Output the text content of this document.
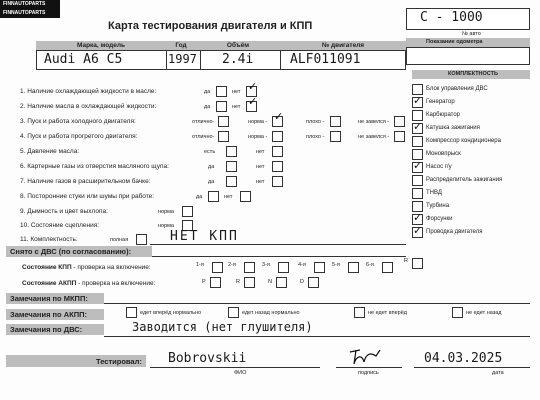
FINNAUTOPARTS
FINNAUTOPARTS
Карта тестирования двигателя и КПП
C - 1000
№ авто
Показание одометра
Марка, модель	Год	Объём	№ двигателя
Audi A6 C5	1997 2.4i	ALF011091
КОМПЛЕКТНОСТЬ
Блок управления ДВС
✓ Генератор
Карбюратор
✓ Катушка зажигания
Компрессор кондиционера
Моновпрыск
✓ Насос г/у
Распределитель зажигания
ТНВД
Турбина
✓ Форсунки
✓ Проводка двигателя
1. Наличие охлаждающей жидкости в масле:	да	нет ✓
2. Наличие масла в охлаждающей жидкости:	да	нет ✓
3. Пуск и работа холодного двигателя:	отлично-	норма - ✓	плохо -	не завелся -
4. Пуск и работа прогретого двигателя:	отлично-	норма -	плохо -	не завелся -
5. Давление масла:	есть	нет
6. Картерные газы из отверстия масляного щупа:	да	нет
7. Наличие газов в расширительном бачке:	да	нет
8. Посторонние стуки или шумы при работе:	да	нет
9. Дымность и цвет выхлопа:	норма
10. Состояние сцепления:	норма
11. Комплектность:	полная	НЕТ КПП
Снято с ДВС (по согласованию):
Состояние КПП - проверка на включение:	1-я	2-я	3-я	4-я	5-я	6-я
R
Состояние АКПП - проверка на включение:	P	R	N	D
Замечания по МКПП:
Замечания по АКПП:	едет вперёд нормально	едет назад нормально	не едет вперёд	не едет назад
Замечания по ДВС:	Заводится (нет глушителя)
Тестировал: Bobrovskii
ФИО	подпись
04.03.2025
дата
